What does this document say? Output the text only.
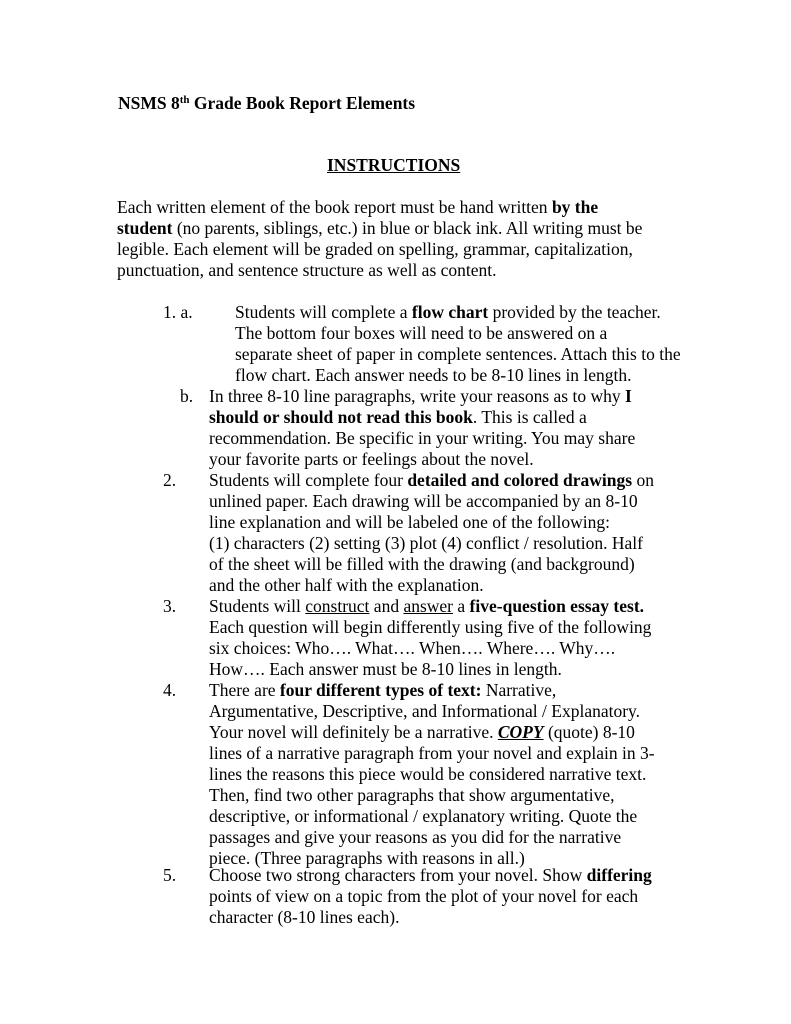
NSMS 8th Grade Book Report Elements
INSTRUCTIONS
Each written element of the book report must be hand written by the
student (no parents, siblings, etc.) in blue or black ink. All writing must be
legible. Each element will be graded on spelling, grammar, capitalization,
punctuation, and sentence structure as well as content.
1. a. Students will complete a flow chart provided by the teacher.
The bottom four boxes will need to be answered on a
separate sheet of paper in complete sentences. Attach this to the
flow chart. Each answer needs to be 8-10 lines in length.
b. In three 8-10 line paragraphs, write your reasons as to why I
should or should not read this book. This is called a
recommendation. Be specific in your writing. You may share
your favorite parts or feelings about the novel.
2. Students will complete four detailed and colored drawings on
unlined paper. Each drawing will be accompanied by an 8-10
line explanation and will be labeled one of the following:
(1) characters (2) setting (3) plot (4) conflict / resolution. Half
of the sheet will be filled with the drawing (and background)
and the other half with the explanation.
3. Students will construct and answer a five-question essay test.
Each question will begin differently using five of the following
six choices: Who…. What…. When…. Where…. Why….
How…. Each answer must be 8-10 lines in length.
4. There are four different types of text: Narrative,
Argumentative, Descriptive, and Informational / Explanatory.
Your novel will definitely be a narrative. COPY (quote) 8-10
lines of a narrative paragraph from your novel and explain in 3-
lines the reasons this piece would be considered narrative text.
Then, find two other paragraphs that show argumentative,
descriptive, or informational / explanatory writing. Quote the
passages and give your reasons as you did for the narrative
piece. (Three paragraphs with reasons in all.)
5. Choose two strong characters from your novel. Show differing
points of view on a topic from the plot of your novel for each
character (8-10 lines each).
